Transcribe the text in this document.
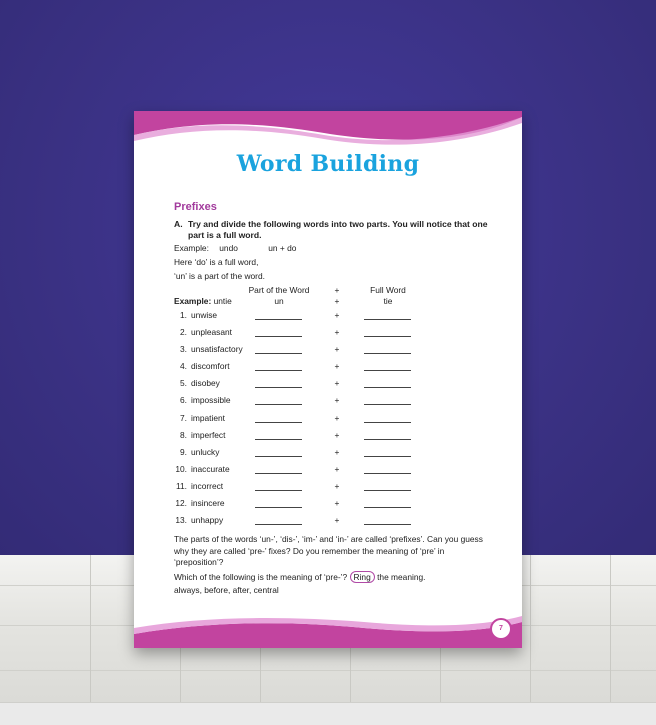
Word Building
Prefixes
A. Try and divide the following words into two parts. You will notice that one part is a full word.
Example: undo	un + do
Here ‘do’ is a full word,
‘un’ is a part of the word.
Part of the Word	+	Full Word
Example: untie	un	+	tie
1. unwise	+
2. unpleasant	+
3. unsatisfactory	+
4. discomfort	+
5. disobey	+
6. impossible	+
7. impatient	+
8. imperfect	+
9. unlucky	+
10. inaccurate	+
11. incorrect	+
12. insincere	+
13. unhappy	+
The parts of the words ‘un-’, ‘dis-’, ‘im-’ and ‘in-’ are called ‘prefixes’. Can you guess why they are called ‘pre-’ fixes? Do you remember the meaning of ‘pre’ in ‘preposition’?
Which of the following is the meaning of ‘pre-’? Ring the meaning.
always, before, after, central
7
